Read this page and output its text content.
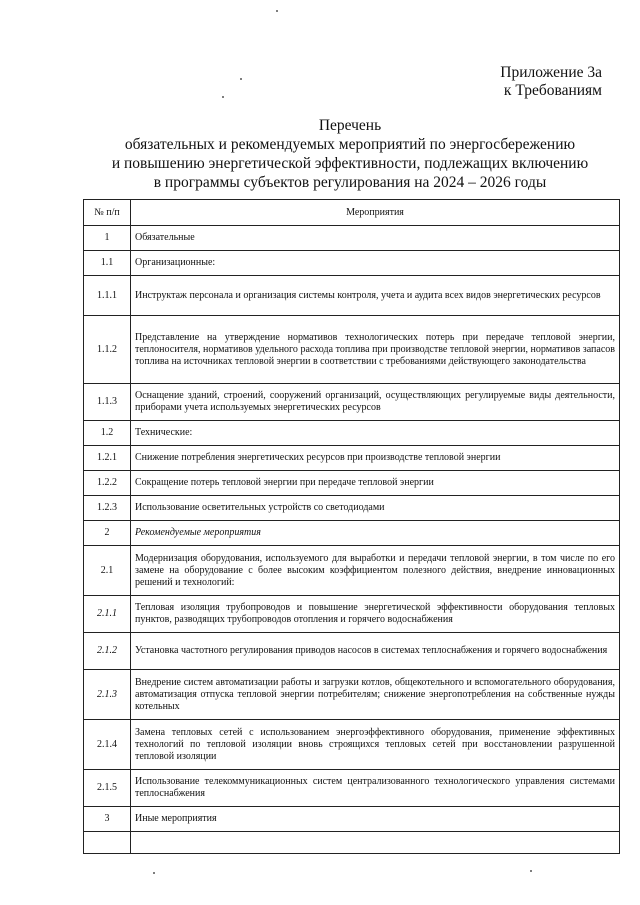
Приложение 3а
к Требованиям
Перечень
обязательных и рекомендуемых мероприятий по энергосбережению
и повышению энергетической эффективности, подлежащих включению
в программы субъектов регулирования на 2024 – 2026 годы
№ п/п	Мероприятия
1	Обязательные
1.1	Организационные:
1.1.1	Инструктаж персонала и организация системы контроля, учета и аудита всех видов энергетических ресурсов
1.1.2	Представление на утверждение нормативов технологических потерь при передаче тепловой энергии, теплоносителя, нормативов удельного расхода топлива при производстве тепловой энергии, нормативов запасов топлива на источниках тепловой энергии в соответствии с требованиями действующего законодательства
1.1.3	Оснащение зданий, строений, сооружений организаций, осуществляющих регулируемые виды деятельности, приборами учета используемых энергетических ресурсов
1.2	Технические:
1.2.1	Снижение потребления энергетических ресурсов при производстве тепловой энергии
1.2.2	Сокращение потерь тепловой энергии при передаче тепловой энергии
1.2.3	Использование осветительных устройств со светодиодами
2	Рекомендуемые мероприятия
2.1	Модернизация оборудования, используемого для выработки и передачи тепловой энергии, в том числе по его замене на оборудование с более высоким коэффициентом полезного действия, внедрение инновационных решений и технологий:
2.1.1	Тепловая изоляция трубопроводов и повышение энергетической эффективности оборудования тепловых пунктов, разводящих трубопроводов отопления и горячего водоснабжения
2.1.2	Установка частотного регулирования приводов насосов в системах теплоснабжения и горячего водоснабжения
2.1.3	Внедрение систем автоматизации работы и загрузки котлов, общекотельного и вспомогательного оборудования, автоматизация отпуска тепловой энергии потребителям; снижение энергопотребления на собственные нужды котельных
2.1.4	Замена тепловых сетей с использованием энергоэффективного оборудования, применение эффективных технологий по тепловой изоляции вновь строящихся тепловых сетей при восстановлении разрушенной тепловой изоляции
2.1.5	Использование телекоммуникационных систем централизованного технологического управления системами теплоснабжения
3	Иные мероприятия
